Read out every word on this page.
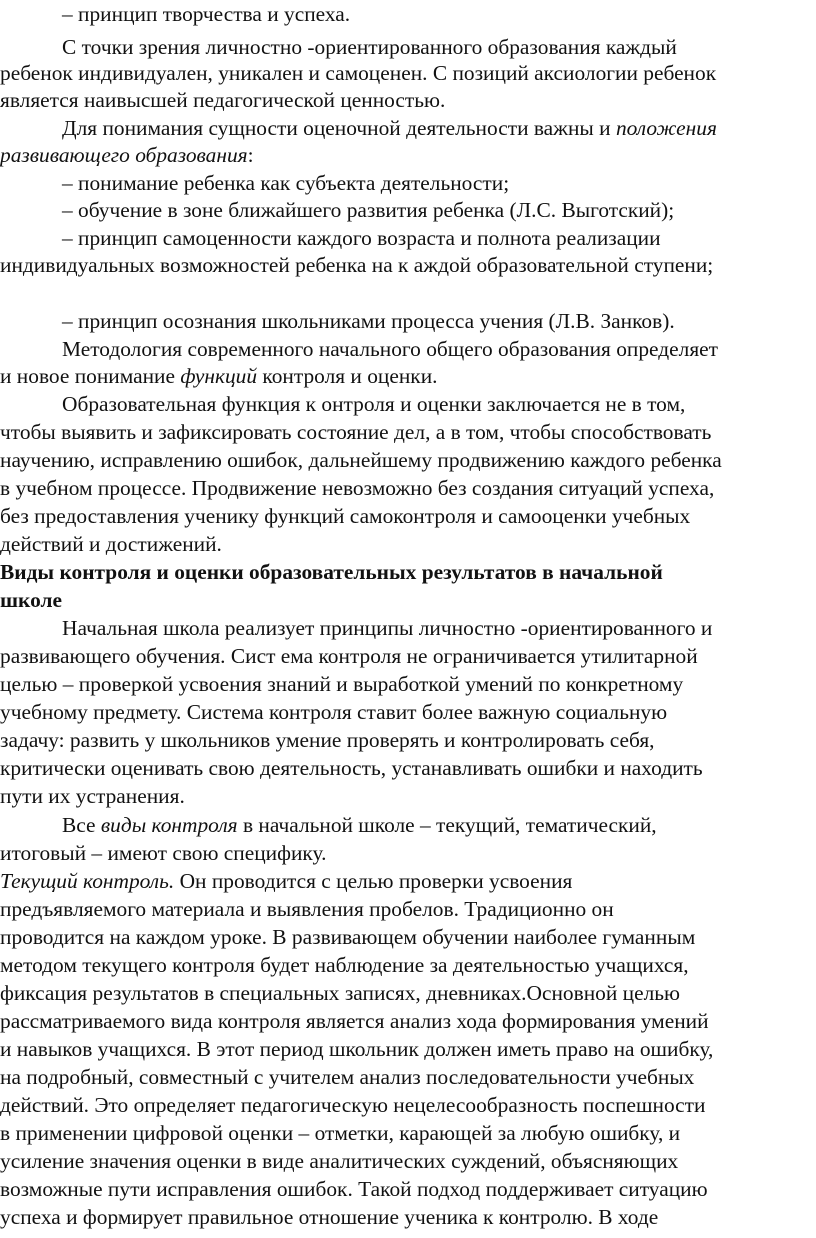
– принцип творчества и успеха.
С точки зрения личностно -ориентированного образования каждый
ребенок индивидуален, уникален и самоценен. С позиций аксиологии ребенок
является наивысшей педагогической ценностью.
Для понимания сущности оценочной деятельности важны и положения
развивающего образования:
– понимание ребенка как субъекта деятельности;
– обучение в зоне ближайшего развития ребенка (Л.С. Выготский);
– принцип самоценности каждого возраста и полнота реализации
индивидуальных возможностей ребенка на к аждой образовательной ступени;
– принцип осознания школьниками процесса учения (Л.В. Занков).
Методология современного начального общего образования определяет
и новое понимание функций контроля и оценки.
Образовательная функция к онтроля и оценки заключается не в том,
чтобы выявить и зафиксировать состояние дел, а в том, чтобы способствовать
научению, исправлению ошибок, дальнейшему продвижению каждого ребенка
в учебном процессе. Продвижение невозможно без создания ситуаций успеха,
без предоставления ученику функций самоконтроля и самооценки учебных
действий и достижений.
Виды контроля и оценки образовательных результатов в начальной
школе
Начальная школа реализует принципы личностно -ориентированного и
развивающего обучения. Сист ема контроля не ограничивается утилитарной
целью – проверкой усвоения знаний и выработкой умений по конкретному
учебному предмету. Система контроля ставит более важную социальную
задачу: развить у школьников умение проверять и контролировать себя,
критически оценивать свою деятельность, устанавливать ошибки и находить
пути их устранения.
Все виды контроля в начальной школе – текущий, тематический,
итоговый – имеют свою специфику.
Текущий контроль. Он проводится с целью проверки усвоения
предъявляемого материала и выявления пробелов. Традиционно он
проводится на каждом уроке. В развивающем обучении наиболее гуманным
методом текущего контроля будет наблюдение за деятельностью учащихся,
фиксация результатов в специальных записях, дневниках.Основной целью
рассматриваемого вида контроля является анализ хода формирования умений
и навыков учащихся. В этот период школьник должен иметь право на ошибку,
на подробный, совместный с учителем анализ последовательности учебных
действий. Это определяет педагогическую нецелесообразность поспешности
в применении цифровой оценки – отметки, карающей за любую ошибку, и
усиление значения оценки в виде аналитических суждений, объясняющих
возможные пути исправления ошибок. Такой подход поддерживает ситуацию
успеха и формирует правильное отношение ученика к контролю. В ходе
